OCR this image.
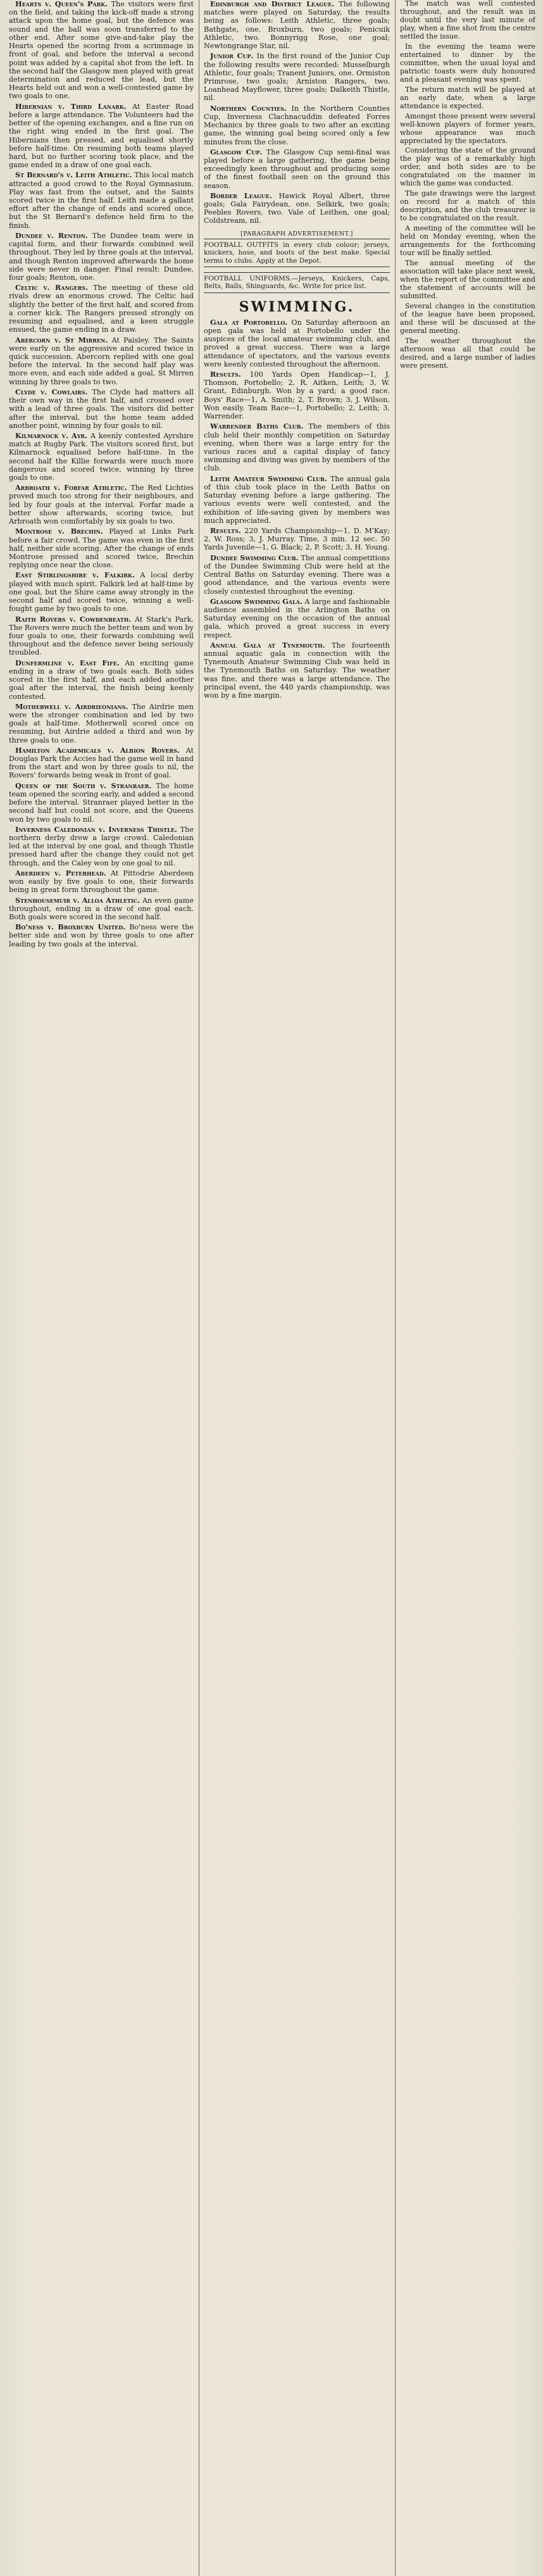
Hearts v. Queen's Park. The visitors were first on the field, and taking the kick-off made a strong attack upon the home goal, but the defence was sound and the ball was soon transferred to the other end. After some give-and-take play the Hearts opened the scoring from a scrimmage in front of goal, and before the interval a second point was added by a capital shot from the left. In the second half the Glasgow men played with great determination and reduced the lead, but the Hearts held out and won a well-contested game by two goals to one.

Hibernian v. Third Lanark. At Easter Road before a large attendance. The Volunteers had the better of the opening exchanges, and a fine run on the right wing ended in the first goal. The Hibernians then pressed, and equalised shortly before half-time. On resuming both teams played hard, but no further scoring took place, and the game ended in a draw of one goal each.

St Bernard's v. Leith Athletic. This local match attracted a good crowd to the Royal Gymnasium. Play was fast from the outset, and the Saints scored twice in the first half. Leith made a gallant effort after the change of ends and scored once, but the St Bernard's defence held firm to the finish.

Dundee v. Renton. The Dundee team were in capital form, and their forwards combined well throughout. They led by three goals at the interval, and though Renton improved afterwards the home side were never in danger. Final result: Dundee, four goals; Renton, one.

Celtic v. Rangers. The meeting of these old rivals drew an enormous crowd. The Celtic had slightly the better of the first half, and scored from a corner kick. The Rangers pressed strongly on resuming and equalised, and a keen struggle ensued, the game ending in a draw.

Abercorn v. St Mirren. At Paisley. The Saints were early on the aggressive and scored twice in quick succession. Abercorn replied with one goal before the interval. In the second half play was more even, and each side added a goal, St Mirren winning by three goals to two.

Clyde v. Cowlairs. The Clyde had matters all their own way in the first half, and crossed over with a lead of three goals. The visitors did better after the interval, but the home team added another point, winning by four goals to nil.

Kilmarnock v. Ayr. A keenly contested Ayrshire match at Rugby Park. The visitors scored first, but Kilmarnock equalised before half-time. In the second half the Killie forwards were much more dangerous and scored twice, winning by three goals to one.

Arbroath v. Forfar Athletic. The Red Lichties proved much too strong for their neighbours, and led by four goals at the interval. Forfar made a better show afterwards, scoring twice, but Arbroath won comfortably by six goals to two.

Montrose v. Brechin. Played at Links Park before a fair crowd. The game was even in the first half, neither side scoring. After the change of ends Montrose pressed and scored twice, Brechin replying once near the close.

East Stirlingshire v. Falkirk. A local derby played with much spirit. Falkirk led at half-time by one goal, but the Shire came away strongly in the second half and scored twice, winning a well-fought game by two goals to one.

Raith Rovers v. Cowdenbeath. At Stark's Park. The Rovers were much the better team and won by four goals to one, their forwards combining well throughout and the defence never being seriously troubled.

Dunfermline v. East Fife. An exciting game ending in a draw of two goals each. Both sides scored in the first half, and each added another goal after the interval, the finish being keenly contested.

Motherwell v. Airdrieonians. The Airdrie men were the stronger combination and led by two goals at half-time. Motherwell scored once on resuming, but Airdrie added a third and won by three goals to one.

Hamilton Academicals v. Albion Rovers. At Douglas Park the Accies had the game well in hand from the start and won by three goals to nil, the Rovers' forwards being weak in front of goal.

Queen of the South v. Stranraer. The home team opened the scoring early, and added a second before the interval. Stranraer played better in the second half but could not score, and the Queens won by two goals to nil.

Inverness Caledonian v. Inverness Thistle. The northern derby drew a large crowd. Caledonian led at the interval by one goal, and though Thistle pressed hard after the change they could not get through, and the Caley won by one goal to nil.

Aberdeen v. Peterhead. At Pittodrie Aberdeen won easily by five goals to one, their forwards being in great form throughout the game.

Stenhousemuir v. Alloa Athletic. An even game throughout, ending in a draw of one goal each. Both goals were scored in the second half.

Bo'ness v. Broxburn United. Bo'ness were the better side and won by three goals to one after leading by two goals at the interval.

Edinburgh and District League. The following matches were played on Saturday, the results being as follows: Leith Athletic, three goals; Bathgate, one. Broxburn, two goals; Penicuik Athletic, two. Bonnyrigg Rose, one goal; Newtongrange Star, nil.

Junior Cup. In the first round of the Junior Cup the following results were recorded: Musselburgh Athletic, four goals; Tranent Juniors, one. Ormiston Primrose, two goals; Arniston Rangers, two. Loanhead Mayflower, three goals; Dalkeith Thistle, nil.

Northern Counties. In the Northern Counties Cup, Inverness Clachnacuddin defeated Forres Mechanics by three goals to two after an exciting game, the winning goal being scored only a few minutes from the close.

Glasgow Cup. The Glasgow Cup semi-final was played before a large gathering, the game being exceedingly keen throughout and producing some of the finest football seen on the ground this season.

Border League. Hawick Royal Albert, three goals; Gala Fairydean, one. Selkirk, two goals; Peebles Rovers, two. Vale of Leithen, one goal; Coldstream, nil.

[PARAGRAPH ADVERTISEMENT.]

FOOTBALL OUTFITS in every club colour; jerseys, knickers, hose, and boots of the best make. Special terms to clubs. Apply at the Depot.

FOOTBALL UNIFORMS.—Jerseys, Knickers, Caps, Belts, Balls, Shinguards, &c. Write for price list.

SWIMMING.

Gala at Portobello. On Saturday afternoon an open gala was held at Portobello under the auspices of the local amateur swimming club, and proved a great success. There was a large attendance of spectators, and the various events were keenly contested throughout the afternoon.

Results. 100 Yards Open Handicap—1, J. Thomson, Portobello; 2, R. Aitken, Leith; 3, W. Grant, Edinburgh. Won by a yard; a good race. Boys' Race—1, A. Smith; 2, T. Brown; 3, J. Wilson. Won easily. Team Race—1, Portobello; 2, Leith; 3, Warrender.

Warrender Baths Club. The members of this club held their monthly competition on Saturday evening, when there was a large entry for the various races and a capital display of fancy swimming and diving was given by members of the club.

Leith Amateur Swimming Club. The annual gala of this club took place in the Leith Baths on Saturday evening before a large gathering. The various events were well contested, and the exhibition of life-saving given by members was much appreciated.

Results. 220 Yards Championship—1, D. M'Kay; 2, W. Ross; 3, J. Murray. Time, 3 min. 12 sec. 50 Yards Juvenile—1, G. Black; 2, P. Scott; 3, H. Young.

Dundee Swimming Club. The annual competitions of the Dundee Swimming Club were held at the Central Baths on Saturday evening. There was a good attendance, and the various events were closely contested throughout the evening.

Glasgow Swimming Gala. A large and fashionable audience assembled in the Arlington Baths on Saturday evening on the occasion of the annual gala, which proved a great success in every respect.

Annual Gala at Tynemouth. The fourteenth annual aquatic gala in connection with the Tynemouth Amateur Swimming Club was held in the Tynemouth Baths on Saturday. The weather was fine, and there was a large attendance. The principal event, the 440 yards championship, was won by a fine margin.

The match was well contested throughout, and the result was in doubt until the very last minute of play, when a fine shot from the centre settled the issue.

In the evening the teams were entertained to dinner by the committee, when the usual loyal and patriotic toasts were duly honoured and a pleasant evening was spent.

The return match will be played at an early date, when a large attendance is expected.

Amongst those present were several well-known players of former years, whose appearance was much appreciated by the spectators.

Considering the state of the ground the play was of a remarkably high order, and both sides are to be congratulated on the manner in which the game was conducted.

The gate drawings were the largest on record for a match of this description, and the club treasurer is to be congratulated on the result.

A meeting of the committee will be held on Monday evening, when the arrangements for the forthcoming tour will be finally settled.

The annual meeting of the association will take place next week, when the report of the committee and the statement of accounts will be submitted.

Several changes in the constitution of the league have been proposed, and these will be discussed at the general meeting.

The weather throughout the afternoon was all that could be desired, and a large number of ladies were present.
